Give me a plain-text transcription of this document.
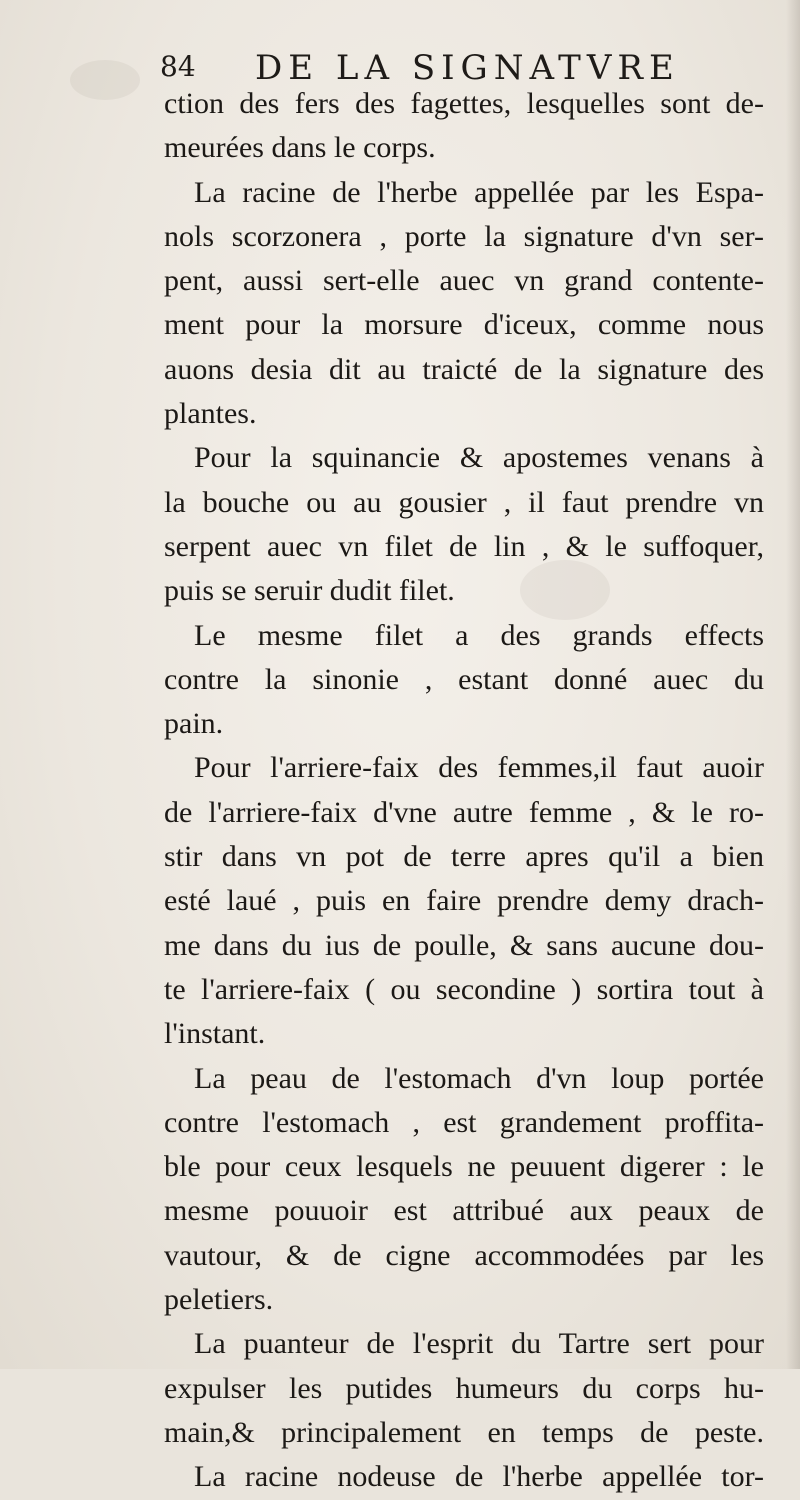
84 DE LA SIGNATVRE
ction des fers des fagettes, lesquelles sont de-
meurées dans le corps.
La racine de l'herbe appellée par les Espa-
nols scorzonera , porte la signature d'vn ser-
pent, aussi sert-elle auec vn grand contente-
ment pour la morsure d'iceux, comme nous
auons desia dit au traicté de la signature des
plantes.
Pour la squinancie & apostemes venans à
la bouche ou au gousier , il faut prendre vn
serpent auec vn filet de lin , & le suffoquer,
puis se seruir dudit filet.
Le mesme filet a des grands effects
contre la sinonie , estant donné auec du
pain.
Pour l'arriere-faix des femmes,il faut auoir
de l'arriere-faix d'vne autre femme , & le ro-
stir dans vn pot de terre apres qu'il a bien
esté laué , puis en faire prendre demy drach-
me dans du ius de poulle, & sans aucune dou-
te l'arriere-faix ( ou secondine ) sortira tout à
l'instant.
La peau de l'estomach d'vn loup portée
contre l'estomach , est grandement proffita-
ble pour ceux lesquels ne peuuent digerer : le
mesme pouuoir est attribué aux peaux de
vautour, & de cigne accommodées par les
peletiers.
La puanteur de l'esprit du Tartre sert pour
expulser les putides humeurs du corps hu-
main,& principalement en temps de peste.
La racine nodeuse de l'herbe appellée tor-
